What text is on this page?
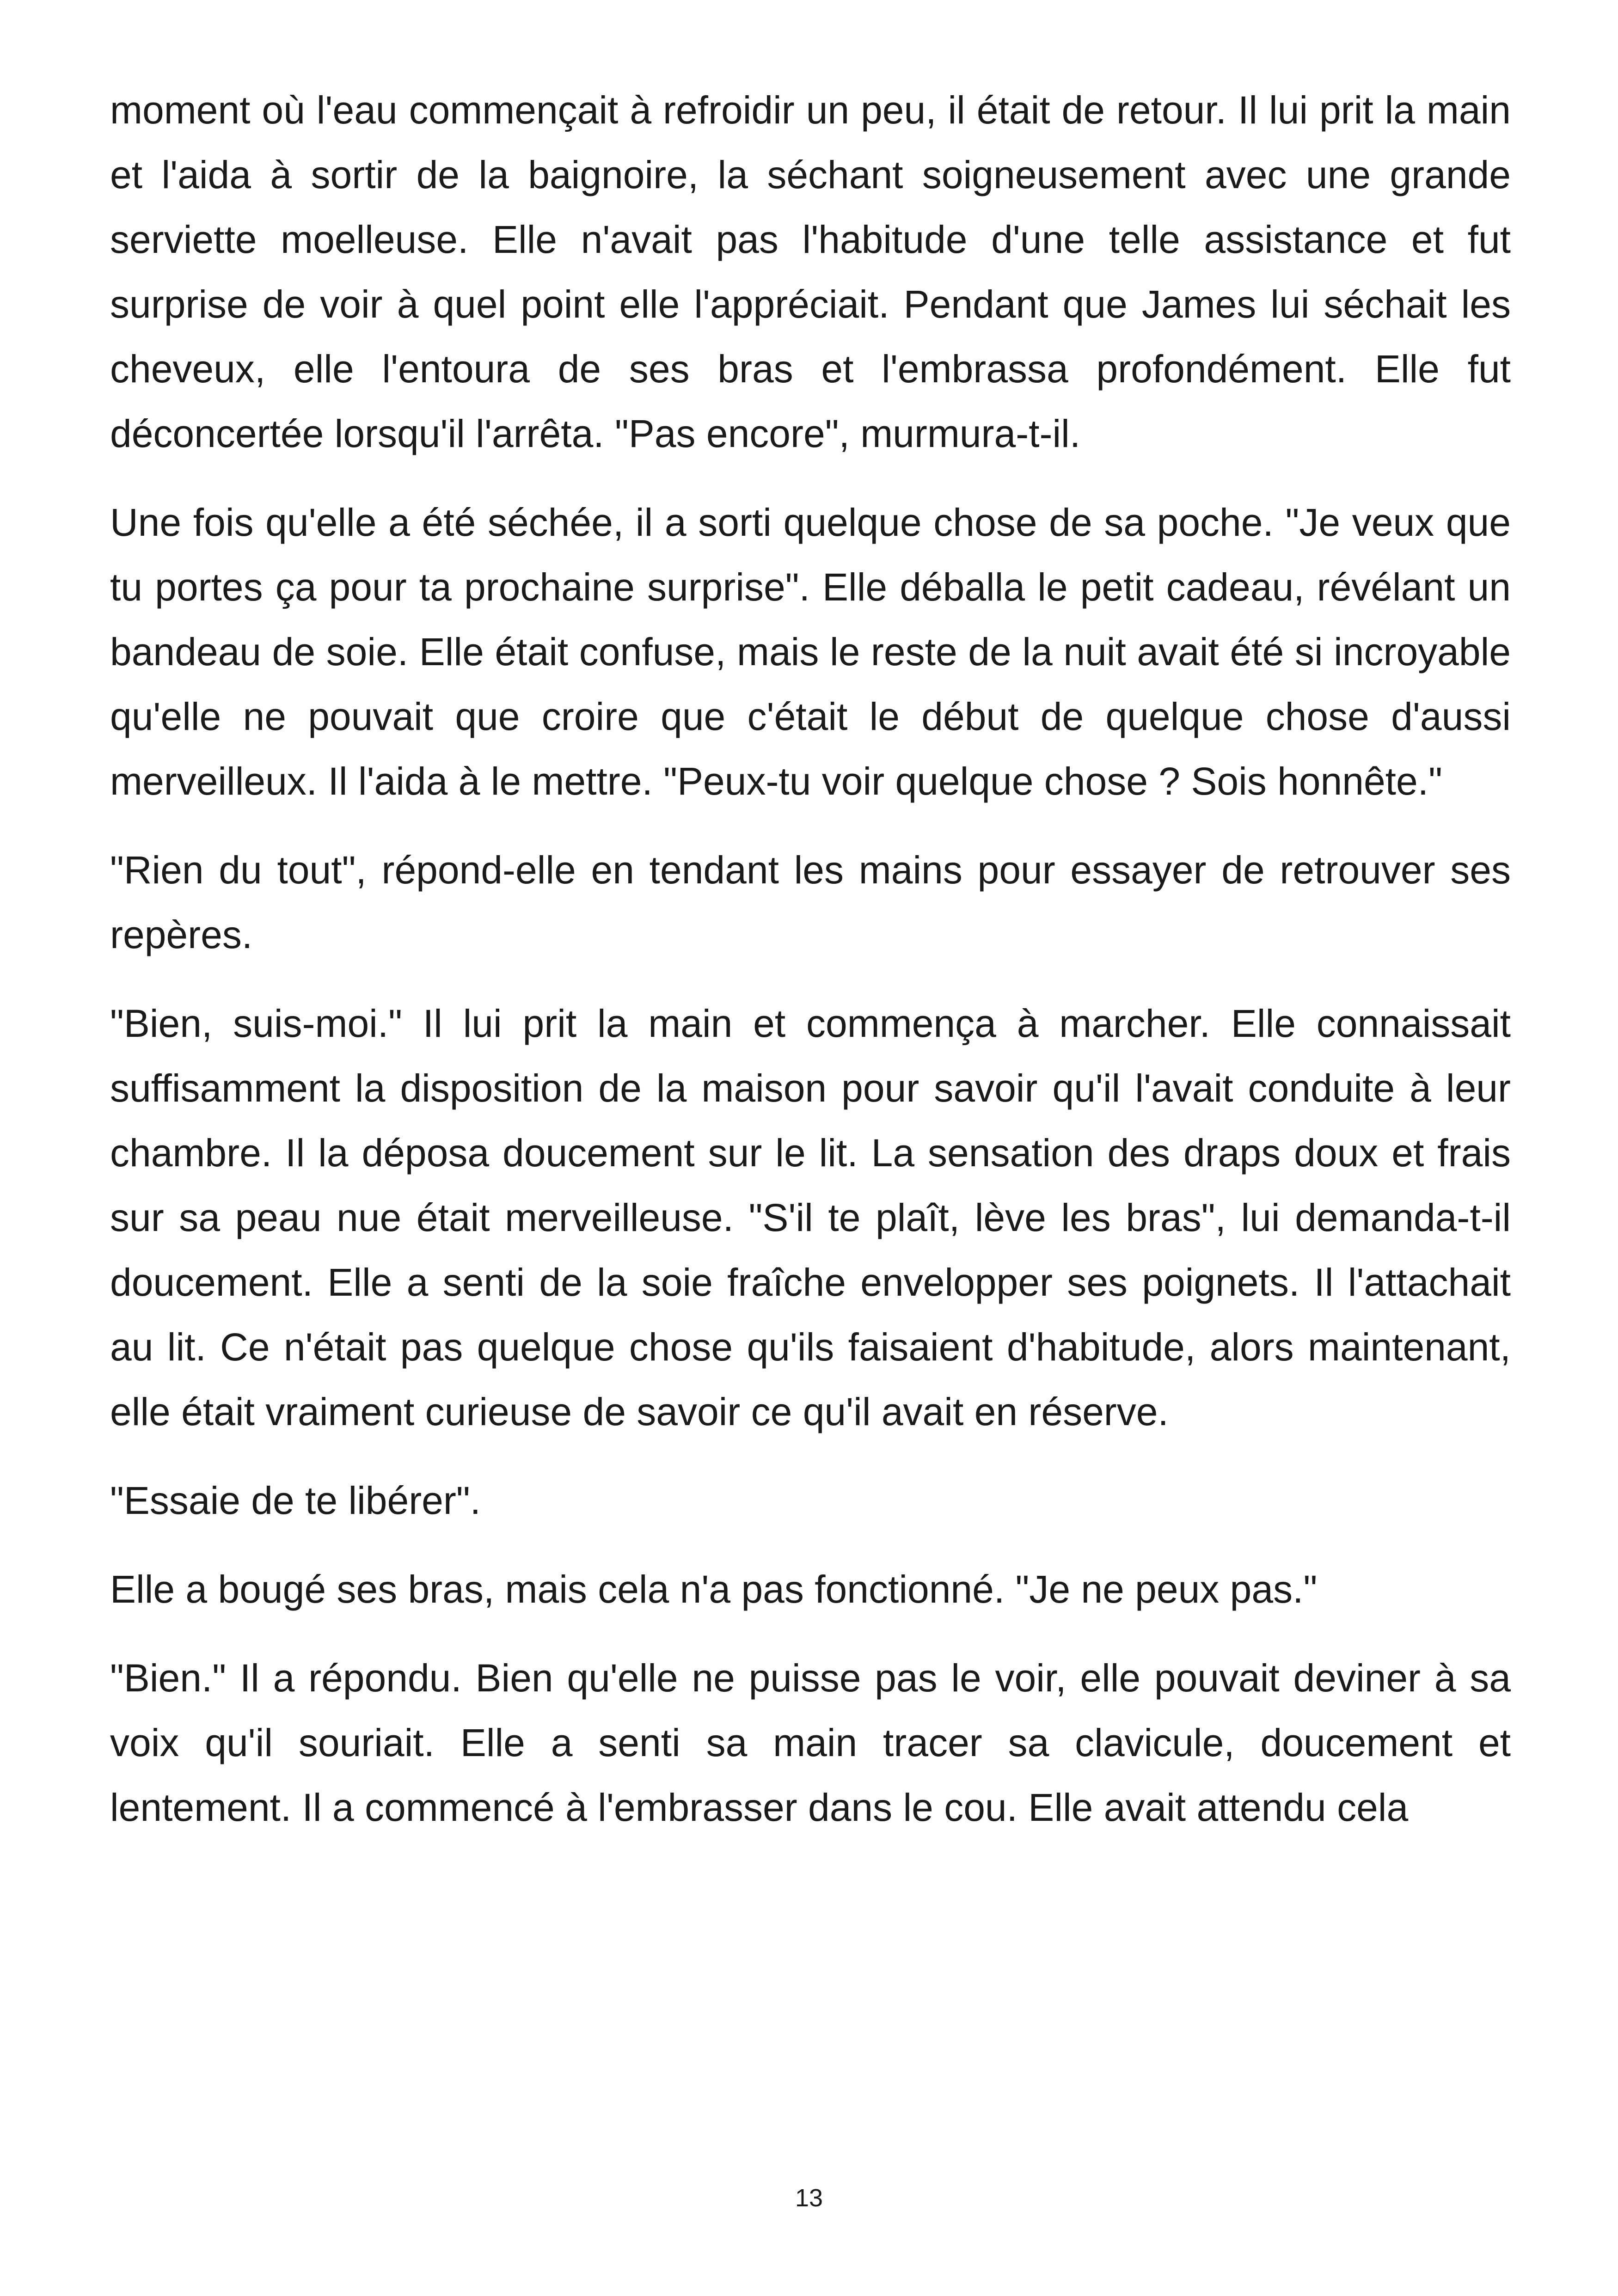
moment où l'eau commençait à refroidir un peu, il était de retour. Il lui prit la main et l'aida à sortir de la baignoire, la séchant soigneusement avec une grande serviette moelleuse. Elle n'avait pas l'habitude d'une telle assistance et fut surprise de voir à quel point elle l'appréciait. Pendant que James lui séchait les cheveux, elle l'entoura de ses bras et l'embrassa profondément. Elle fut déconcertée lorsqu'il l'arrêta. "Pas encore", murmura-t-il.

Une fois qu'elle a été séchée, il a sorti quelque chose de sa poche. "Je veux que tu portes ça pour ta prochaine surprise". Elle déballa le petit cadeau, révélant un bandeau de soie. Elle était confuse, mais le reste de la nuit avait été si incroyable qu'elle ne pouvait que croire que c'était le début de quelque chose d'aussi merveilleux. Il l'aida à le mettre. "Peux-tu voir quelque chose ? Sois honnête."

"Rien du tout", répond-elle en tendant les mains pour essayer de retrouver ses repères.

"Bien, suis-moi." Il lui prit la main et commença à marcher. Elle connaissait suffisamment la disposition de la maison pour savoir qu'il l'avait conduite à leur chambre. Il la déposa doucement sur le lit. La sensation des draps doux et frais sur sa peau nue était merveilleuse. "S'il te plaît, lève les bras", lui demanda-t-il doucement. Elle a senti de la soie fraîche envelopper ses poignets. Il l'attachait au lit. Ce n'était pas quelque chose qu'ils faisaient d'habitude, alors maintenant, elle était vraiment curieuse de savoir ce qu'il avait en réserve.

"Essaie de te libérer".

Elle a bougé ses bras, mais cela n'a pas fonctionné. "Je ne peux pas."

"Bien." Il a répondu. Bien qu'elle ne puisse pas le voir, elle pouvait deviner à sa voix qu'il souriait. Elle a senti sa main tracer sa clavicule, doucement et lentement. Il a commencé à l'embrasser dans le cou. Elle avait attendu cela

13
